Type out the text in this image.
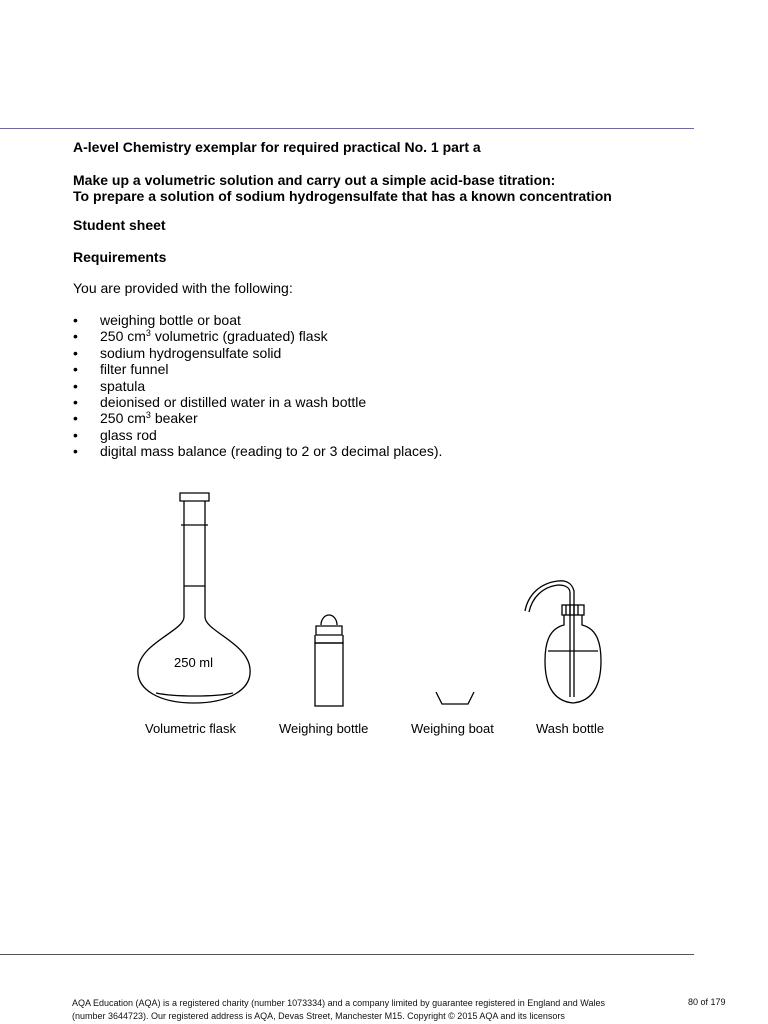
A-level Chemistry exemplar for required practical No. 1 part a

Make up a volumetric solution and carry out a simple acid-base titration:

To prepare a solution of sodium hydrogensulfate that has a known concentration

Student sheet

Requirements

You are provided with the following:

• weighing bottle or boat
• 250 $cm^3$ volumetric (graduated) flask
• sodium hydrogensulfate solid
• filter funnel
• spatula
• deionised or distilled water in a wash bottle
• 250 $cm^3$ beaker
• glass rod
• digital mass balance (reading to 2 or 3 decimal places).
250 ml
Volumetric flask	Weighing bottle	Weighing boat	Wash bottle
AQA Education (AQA) is a registered charity (number 1073334) and a company limited by guarantee registered in England and Wales
(number 3644723). Our registered address is AQA, Devas Street, Manchester M15. Copyright © 2015 AQA and its licensors
80 of 179
